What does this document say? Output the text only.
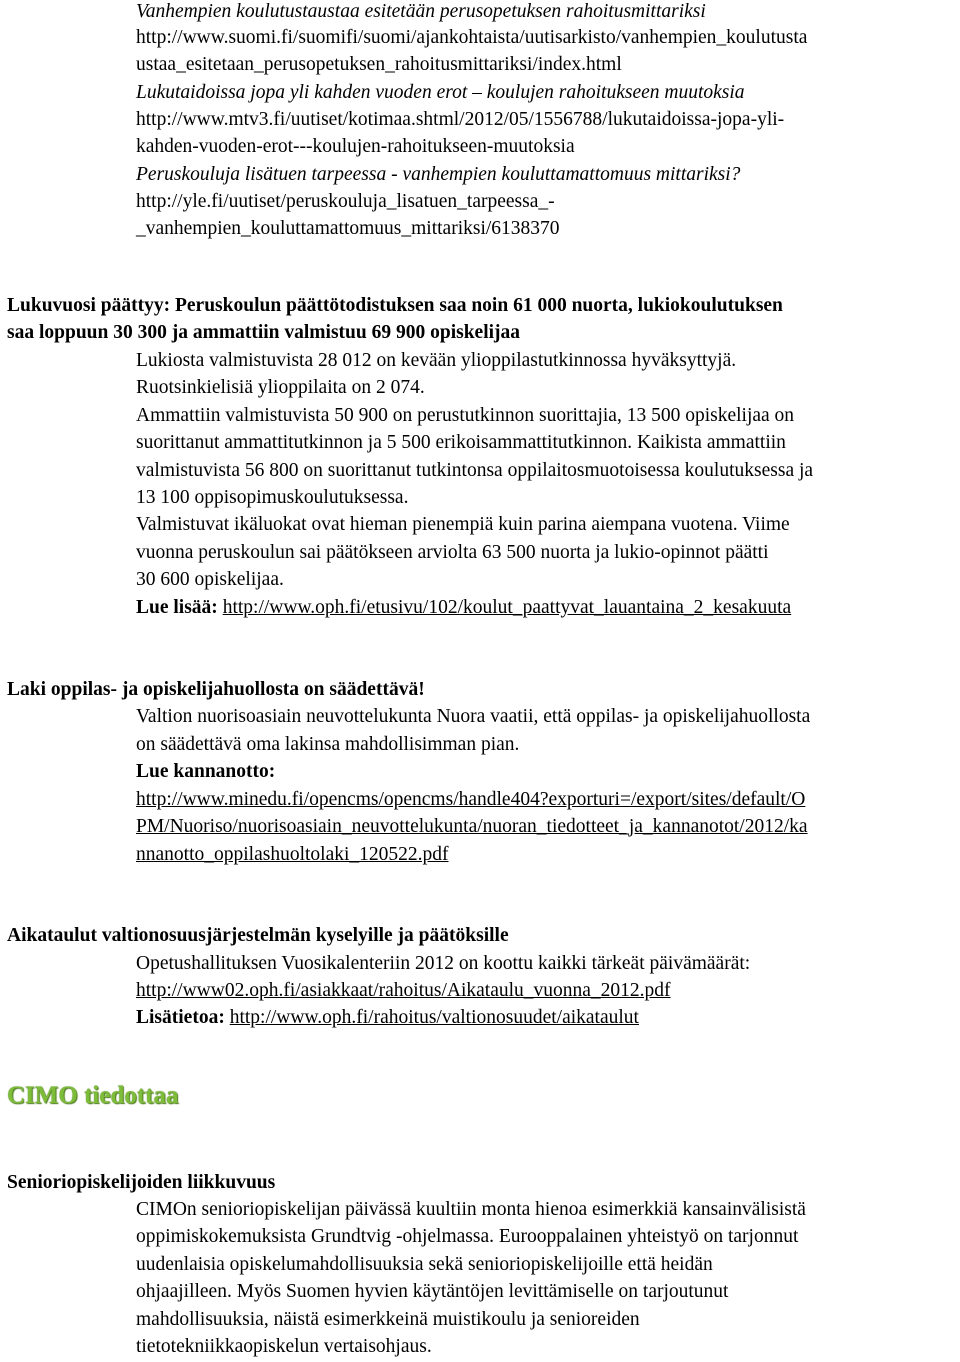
Vanhempien koulutustaustaa esitetään perusopetuksen rahoitusmittariksi
http://www.suomi.fi/suomifi/suomi/ajankohtaista/uutisarkisto/vanhempien_koulutusta
ustaa_esitetaan_perusopetuksen_rahoitusmittariksi/index.html
Lukutaidoissa jopa yli kahden vuoden erot – koulujen rahoitukseen muutoksia
http://www.mtv3.fi/uutiset/kotimaa.shtml/2012/05/1556788/lukutaidoissa-jopa-yli-
kahden-vuoden-erot---koulujen-rahoitukseen-muutoksia
Peruskouluja lisätuen tarpeessa - vanhempien kouluttamattomuus mittariksi?
http://yle.fi/uutiset/peruskouluja_lisatuen_tarpeessa_-
_vanhempien_kouluttamattomuus_mittariksi/6138370
Lukuvuosi päättyy: Peruskoulun päättötodistuksen saa noin 61 000 nuorta, lukiokoulutuksen
saa loppuun 30 300 ja ammattiin valmistuu 69 900 opiskelijaa
Lukiosta valmistuvista 28 012 on kevään ylioppilastutkinnossa hyväksyttyjä.
Ruotsinkielisiä ylioppilaita on 2 074.
Ammattiin valmistuvista 50 900 on perustutkinnon suorittajia, 13 500 opiskelijaa on
suorittanut ammattitutkinnon ja 5 500 erikoisammattitutkinnon. Kaikista ammattiin
valmistuvista 56 800 on suorittanut tutkintonsa oppilaitosmuotoisessa koulutuksessa ja
13 100 oppisopimuskoulutuksessa.
Valmistuvat ikäluokat ovat hieman pienempiä kuin parina aiempana vuotena. Viime
vuonna peruskoulun sai päätökseen arviolta 63 500 nuorta ja lukio-opinnot päätti
30 600 opiskelijaa.
Lue lisää: http://www.oph.fi/etusivu/102/koulut_paattyvat_lauantaina_2_kesakuuta
Laki oppilas- ja opiskelijahuollosta on säädettävä!
Valtion nuorisoasiain neuvottelukunta Nuora vaatii, että oppilas- ja opiskelijahuollosta
on säädettävä oma lakinsa mahdollisimman pian.
Lue kannanotto:
http://www.minedu.fi/opencms/opencms/handle404?exporturi=/export/sites/default/O
PM/Nuoriso/nuorisoasiain_neuvottelukunta/nuoran_tiedotteet_ja_kannanotot/2012/ka
nnanotto_oppilashuoltolaki_120522.pdf
Aikataulut valtionosuusjärjestelmän kyselyille ja päätöksille
Opetushallituksen Vuosikalenteriin 2012 on koottu kaikki tärkeät päivämäärät:
http://www02.oph.fi/asiakkaat/rahoitus/Aikataulu_vuonna_2012.pdf
Lisätietoa: http://www.oph.fi/rahoitus/valtionosuudet/aikataulut
CIMO tiedottaa
Seniori​opiskelijoiden liikkuvuus
CIMOn senioriopiskelijan päivässä kuultiin monta hienoa esimerkkiä kansainvälisistä
oppimiskokemuksista Grundtvig -ohjelmassa. Eurooppalainen yhteistyö on tarjonnut
uudenlaisia opiskelumahdollisuuksia sekä senioriopiskelijoille että heidän
ohjaajilleen. Myös Suomen hyvien käytäntöjen levittämiselle on tarjoutunut
mahdollisuuksia, näistä esimerkkeinä muistikoulu ja senioreiden
tietotekniikkaopiskelun vertaisohjaus.
